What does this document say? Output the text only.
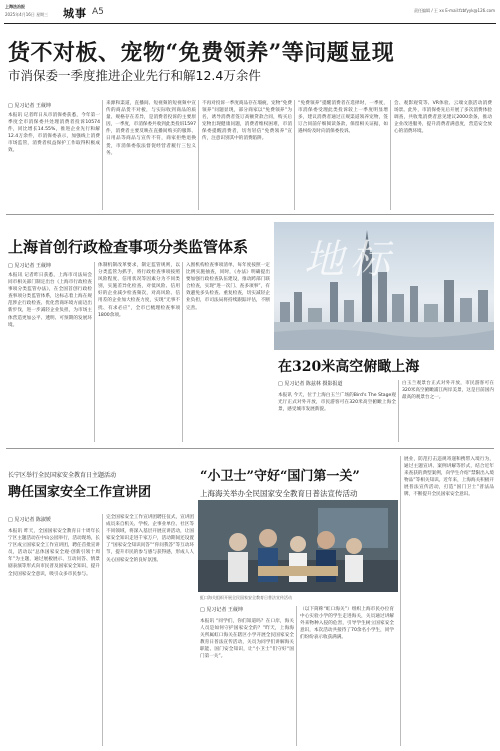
上海法治报
2025年4月16日 星期三 城事 A5	责任编辑 / 王 xx E-mail:fzbfyyk@126.com
货不对板、宠物“免费领养”等问题显现
市消保委一季度推进企业先行和解12.4万余件
□ 见习记者 王葳坤
本报讯 记者昨日从市消保委获悉，今年第一季度全市消保委共处理消费者投诉10574件，同比增长14.55%，推进企业先行和解12.4万余件，市消保委表示，加强线上消费市场监管，消费者权益保护工作取得积极成效。
来源和渠道，直播间、短视频的短视频中宣传的商品货不对板，与实际收到商品的质量、规格存在差异，是消费者投诉的主要原因，一季度，市消保委共收到此类投诉1597件，消费者主要反映在直播间购买的服饰、日用品等商品与宣传不符，商家拒绝退换货，市消保委依法督促经营者履行三包义务。
不再对投诉一季度商品存在瑕疵，宠物“免费领养”问题显现，部分商家以“免费领养”为名，诱导消费者签订高额贷款合同，购买后宠物出现健康问题，消费者维权困难，市消保委提醒消费者，切勿轻信“免费领养”宣传，注意识别其中的消费陷阱。
“免费领养”提醒消费者在选择时，一季度，市消保委受理此类投诉较上一季度明显增多，建议消费者通过正规渠道领养宠物，签订合同前仔细阅读条款，保留相关证据，如遇纠纷及时向消保委投诉。
会、观影观赏等、VR体验、云端文旅活动消费场景。此外，市消保委先后开展了多次消费体验调查，共收集消费者意见建议2000余条，推动企业改进服务，提升消费者满意度，营造安全放心的消费环境。
上海首创行政检查事项分类监管体系
□ 见习记者 王葳坤
本报讯 记者昨日获悉，上海市司法局会同市相关部门制定出台《上海市行政检查事项分类监管办法》，在全国首创行政检查事项分类监管体系，这标志着上海在规范涉企行政检查、优化营商环境方面迈出新步伐，进一步减轻企业负担，为市场主体营造更加公平、透明、可预期的发展环境。
体制机制改革要求，制定监管规则，以分类监管为抓手，将行政检查事项按照风险程度、信用状况等因素分为不同类别，实施差异化检查，对低风险、信用好的企业减少检查频次，对高风险、信用差的企业加大检查力度，实现“无事不扰、有求必应”，全市已梳理检查事项1800余项。
入围机构检查事项清单，每年度按照一定比例实施抽查，同时，《办法》明确提出要加强行政检查队伍建设，推动跨部门联合检查，实现“进一次门、查多项事”，有效避免多头检查、重复检查，切实减轻企业负担，市司法局将持续跟踪评估，不断完善。
地标
在320米高空俯瞰上海
□ 见习记者 陈兹林 摄影报道
本报讯 今天，位于上海白玉兰广场的Bird's The Stage观光厅正式对外开放，市民游客可在320米高空俯瞰上海全景，感受城市发展新貌。
白玉兰观景台正式对外开放，市民游客可在320米高空俯瞰浦江两岸美景，这是目前国内最高的观景台之一。
长宁区举行全民国家安全教育日主题活动
聘任国家安全工作宣讲团
□ 见习记者 陈淑媛
本报讯 昨天，全国国家安全教育日十周年长宁区主题活动在中山公园举行，活动现场，长宁区成立国家安全工作宣讲团，聘任首批宣讲员，活动以“总体国家安全观·创新引领十周年”为主题，通过展板展示、互动问答、情景剧表演等形式向市民普及国家安全知识，提升全民国家安全意识，吸引众多市民参与。
完全国家安全工作宣讲团聘任仪式，宣讲团成员来自机关、学校、企事业单位、社区等不同领域，将深入基层开展宣讲活动，让国家安全知识走进千家万户，活动期间还设置了“国家安全知识问答”“你问我答”等互动环节，提升市民的参与感与获得感，形成人人关心国家安全的良好氛围。
“小卫士”守好“国门第一关”
上海海关举办全民国家安全教育日普法宣传活动
虹口海关组织开展全民国家安全教育日普法宣传活动
□ 见习记者 王葳坤
本报讯 “同学们，你们知道吗？在口岸，海关人员是如何守护国家安全的？”昨天，上海海关所属虹口海关在辖区小学开展全民国家安全教育日普法宣传活动，关员为同学们讲解海关职能、国门安全知识，让“小卫士”们守好“国门第一关”。
（以下简称“虹口海关”）组织上海市民办位育中心实验小学的学生走进海关，关员通过讲解外来物种入侵的危害，引导学生树立国家安全意识，本次活动共接待了70余名小学生，同学们纷纷表示收获满满。
展业，防范打击违规寄递和携带入境行为，通过主题宣讲、案例讲解等形式，结合近年来查获的典型案例，向学生介绍“禁限出入境物品”等相关知识。近年来，上海海关积极开展普法宣传活动，打造“国门卫士”普法品牌，不断提升全民国家安全意识。
